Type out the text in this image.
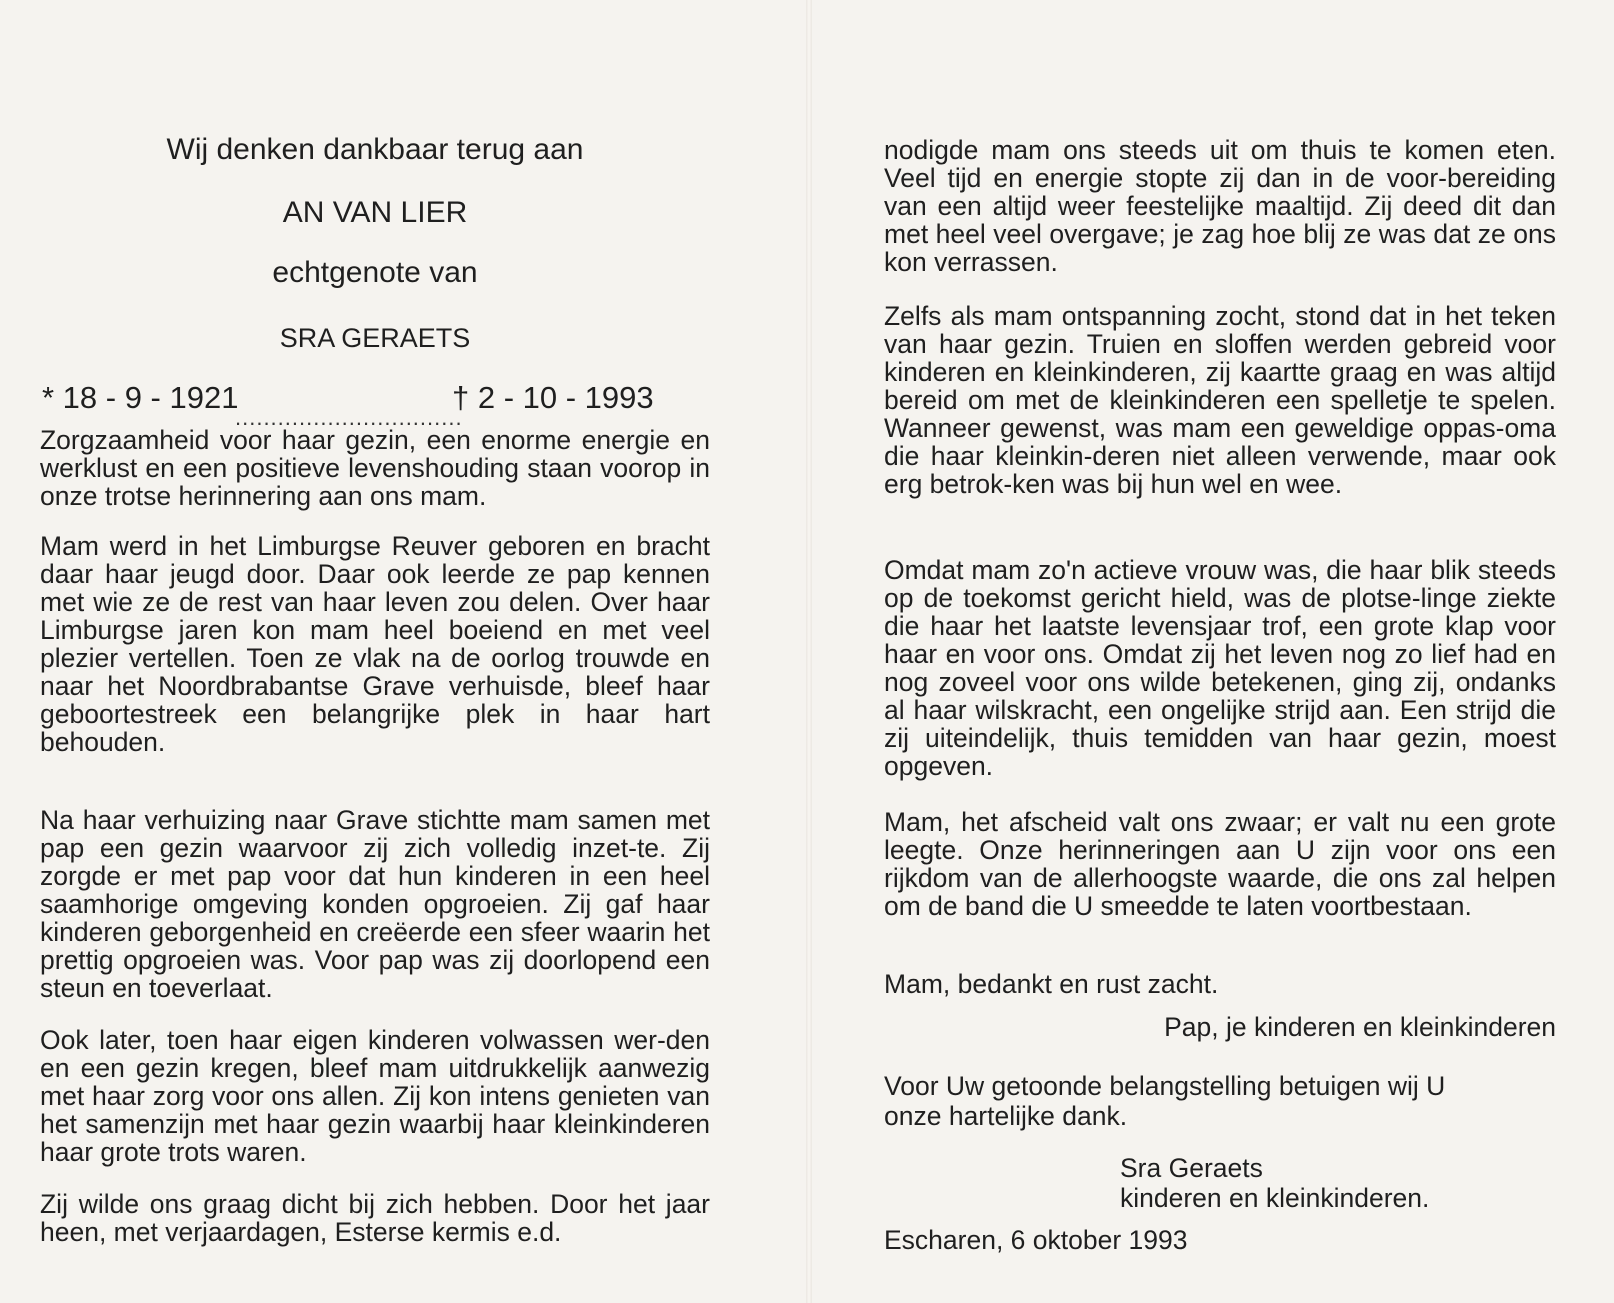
Wij denken dankbaar terug aan
AN VAN LIER
echtgenote van
SRA GERAETS
* 18 - 9 - 1921	† 2 - 10 - 1993
................................

Zorgzaamheid voor haar gezin, een enorme energie en werklust en een positieve levenshouding staan voorop in onze trotse herinnering aan ons mam.

Mam werd in het Limburgse Reuver geboren en bracht daar haar jeugd door. Daar ook leerde ze pap kennen met wie ze de rest van haar leven zou delen. Over haar Limburgse jaren kon mam heel boeiend en met veel plezier vertellen. Toen ze vlak na de oorlog trouwde en naar het Noordbrabantse Grave verhuisde, bleef haar geboortestreek een belangrijke plek in haar hart behouden.

Na haar verhuizing naar Grave stichtte mam samen met pap een gezin waarvoor zij zich volledig inzet-te. Zij zorgde er met pap voor dat hun kinderen in een heel saamhorige omgeving konden opgroeien. Zij gaf haar kinderen geborgenheid en creëerde een sfeer waarin het prettig opgroeien was. Voor pap was zij doorlopend een steun en toeverlaat.

Ook later, toen haar eigen kinderen volwassen wer-den en een gezin kregen, bleef mam uitdrukkelijk aanwezig met haar zorg voor ons allen. Zij kon intens genieten van het samenzijn met haar gezin waarbij haar kleinkinderen haar grote trots waren.

Zij wilde ons graag dicht bij zich hebben. Door het jaar heen, met verjaardagen, Esterse kermis e.d.

nodigde mam ons steeds uit om thuis te komen eten. Veel tijd en energie stopte zij dan in de voor-bereiding van een altijd weer feestelijke maaltijd. Zij deed dit dan met heel veel overgave; je zag hoe blij ze was dat ze ons kon verrassen.

Zelfs als mam ontspanning zocht, stond dat in het teken van haar gezin. Truien en sloffen werden gebreid voor kinderen en kleinkinderen, zij kaartte graag en was altijd bereid om met de kleinkinderen een spelletje te spelen. Wanneer gewenst, was mam een geweldige oppas-oma die haar kleinkin-deren niet alleen verwende, maar ook erg betrok-ken was bij hun wel en wee.

Omdat mam zo'n actieve vrouw was, die haar blik steeds op de toekomst gericht hield, was de plotse-linge ziekte die haar het laatste levensjaar trof, een grote klap voor haar en voor ons. Omdat zij het leven nog zo lief had en nog zoveel voor ons wilde betekenen, ging zij, ondanks al haar wilskracht, een ongelijke strijd aan. Een strijd die zij uiteindelijk, thuis temidden van haar gezin, moest opgeven.

Mam, het afscheid valt ons zwaar; er valt nu een grote leegte. Onze herinneringen aan U zijn voor ons een rijkdom van de allerhoogste waarde, die ons zal helpen om de band die U smeedde te laten voortbestaan.

Mam, bedankt en rust zacht.
Pap, je kinderen en kleinkinderen
Voor Uw getoonde belangstelling betuigen wij U
onze hartelijke dank.
Sra Geraets
kinderen en kleinkinderen.
Escharen, 6 oktober 1993
